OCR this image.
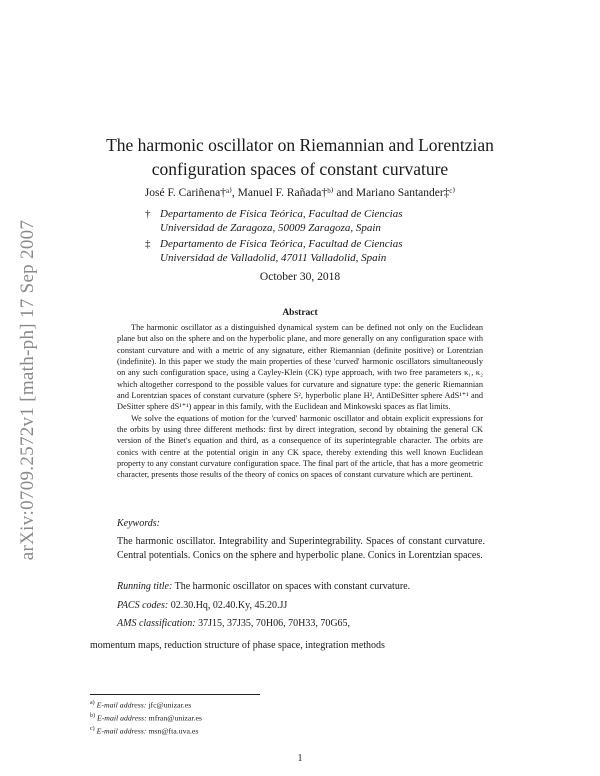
arXiv:0709.2572v1 [math-ph] 17 Sep 2007
The harmonic oscillator on Riemannian and Lorentzian
configuration spaces of constant curvature
José F. Cariñena†ᵃ⁾, Manuel F. Rañada†ᵇ⁾ and Mariano Santander‡ᶜ⁾
† Departamento de Física Teórica, Facultad de Ciencias
Universidad de Zaragoza, 50009 Zaragoza, Spain
‡ Departamento de Física Teórica, Facultad de Ciencias
Universidad de Valladolid, 47011 Valladolid, Spain
October 30, 2018
Abstract

The harmonic oscillator as a distinguished dynamical system can be defined not only on the Euclidean plane but also on the sphere and on the hyperbolic plane, and more generally on any configuration space with constant curvature and with a metric of any signature, either Riemannian (definite positive) or Lorentzian (indefinite). In this paper we study the main properties of these 'curved' harmonic oscillators simultaneously on any such configuration space, using a Cayley-Klein (CK) type approach, with two free parameters κ₁, κ₂ which altogether correspond to the possible values for curvature and signature type: the generic Riemannian and Lorentzian spaces of constant curvature (sphere S², hyperbolic plane H², AntiDeSitter sphere AdS¹⁺¹ and DeSitter sphere dS¹⁺¹) appear in this family, with the Euclidean and Minkowski spaces as flat limits.

We solve the equations of motion for the 'curved' harmonic oscillator and obtain explicit expressions for the orbits by using three different methods: first by direct integration, second by obtaining the general CK version of the Binet's equation and third, as a consequence of its superintegrable character. The orbits are conics with centre at the potential origin in any CK space, thereby extending this well known Euclidean property to any constant curvature configuration space. The final part of the article, that has a more geometric character, presents those results of the theory of conics on spaces of constant curvature which are pertinent.

Keywords:
The harmonic oscillator. Integrability and Superintegrability. Spaces of constant curvature. Central potentials. Conics on the sphere and hyperbolic plane. Conics in Lorentzian spaces.
Running title: The harmonic oscillator on spaces with constant curvature.
PACS codes: 02.30.Hq, 02.40.Ky, 45.20.JJ
AMS classification: 37J15, 37J35, 70H06, 70H33, 70G65,
momentum maps, reduction structure of phase space, integration methods
$^{a)}$ E-mail address: jfc@unizar.es
$^{b)}$ E-mail address: mfran@unizar.es
$^{c)}$ E-mail address: msn@fta.uva.es
1
